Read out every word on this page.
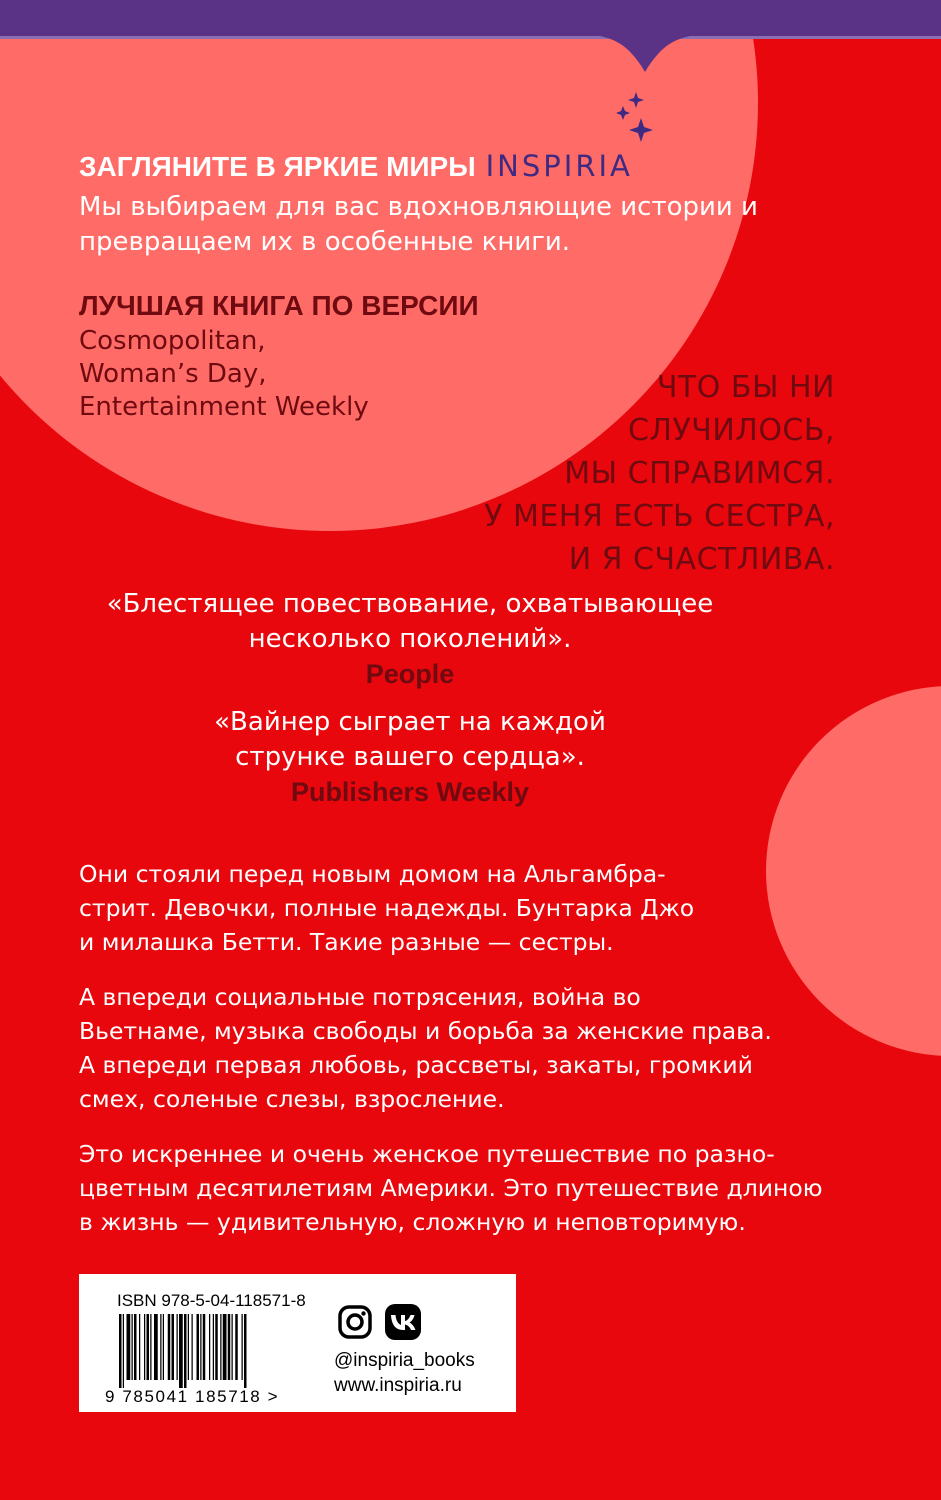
ЗАГЛЯНИТЕ В ЯРКИЕ МИРЫ INSPIRIA

Мы выбираем для вас вдохновляющие истории и превращаем их в особенные книги.

ЛУЧШАЯ КНИГА ПО ВЕРСИИ
Cosmopolitan,
Woman’s Day,
Entertainment Weekly
ЧТО БЫ НИ
СЛУЧИЛОСЬ,
МЫ СПРАВИМСЯ.
У МЕНЯ ЕСТЬ СЕСТРА,
И Я СЧАСТЛИВА.
«Блестящее повествование, охватывающее
несколько поколений».
People
«Вайнер сыграет на каждой
струнке вашего сердца».
Publishers Weekly
Они стояли перед новым домом на Альгамбра-
стрит. Девочки, полные надежды. Бунтарка Джо
и милашка Бетти. Такие разные — сестры.
А впереди социальные потрясения, война во
Вьетнаме, музыка свободы и борьба за женские права.
А впереди первая любовь, рассветы, закаты, громкий
смех, соленые слезы, взросление.
Это искреннее и очень женское путешествие по разно-
цветным десятилетиям Америки. Это путешествие длиною
в жизнь — удивительную, сложную и неповторимую.

ISBN 978-5-04-118571-8

9 785041 185718 >

@inspiria_books

www.inspiria.ru
